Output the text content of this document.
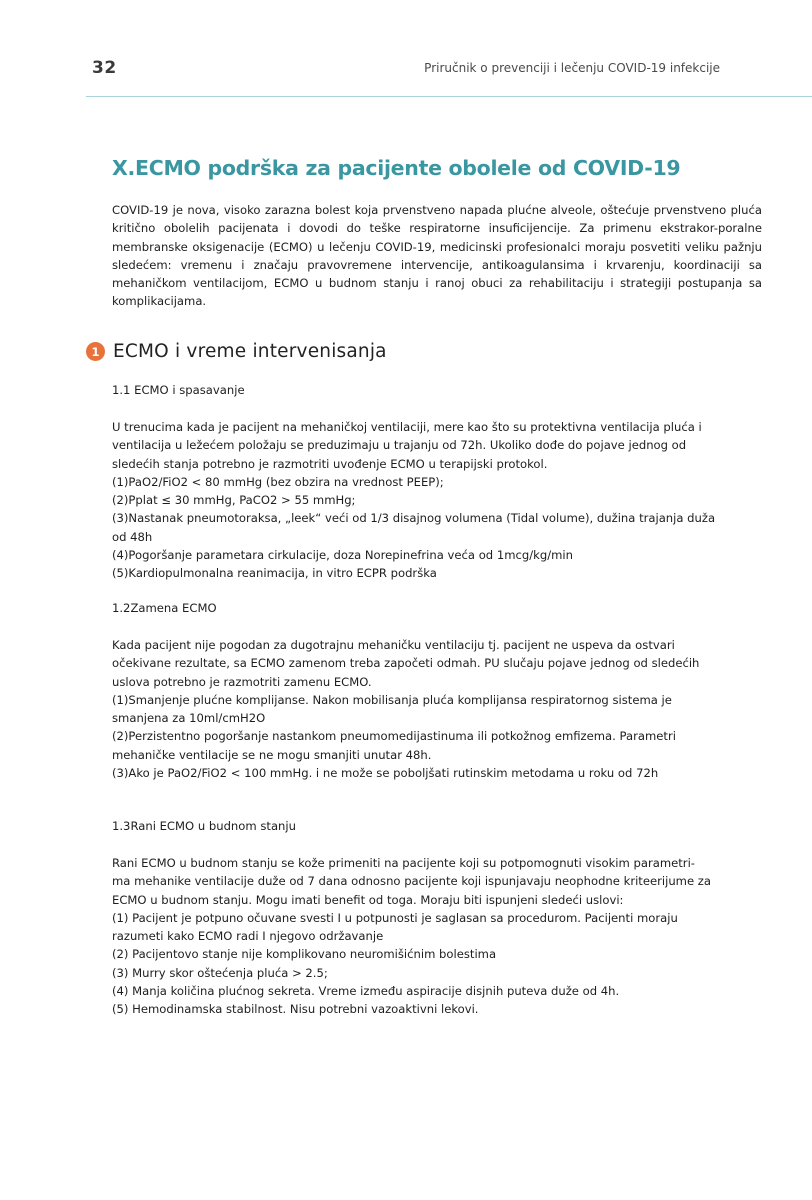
32	Priručnik o prevenciji i lečenju COVID-19 infekcije
X.ECMO podrška za pacijente obolele od COVID-19

COVID-19 je nova, visoko zarazna bolest koja prvenstveno napada plućne alveole, oštećuje prvenstveno pluća kritično obolelih pacijenata i dovodi do teške respiratorne insuficijencije. Za primenu ekstrakor-poralne membranske oksigenacije (ECMO) u lečenju COVID-19, medicinski profesionalci moraju posvetiti veliku pažnju sledećem: vremenu i značaju pravovremene intervencije, antikoagulansima i krvarenju, koordinaciji sa mehaničkom ventilacijom, ECMO u budnom stanju i ranoj obuci za rehabilitaciju i strategiji postupanja sa komplikacijama.

1 ECMO i vreme intervenisanja
1.1 ECMO i spasavanje
U trenucima kada je pacijent na mehaničkoj ventilaciji, mere kao što su protektivna ventilacija pluća i
ventilacija u ležećem položaju se preduzimaju u trajanju od 72h. Ukoliko dođe do pojave jednog od
sledećih stanja potrebno je razmotriti uvođenje ECMO u terapijski protokol.
(1)PaO2/FiO2 < 80 mmHg (bez obzira na vrednost PEEP);
(2)Pplat ≤ 30 mmHg, PaCO2 > 55 mmHg;
(3)Nastanak pneumotoraksa, „leek“ veći od 1/3 disajnog volumena (Tidal volume), dužina trajanja duža
od 48h
(4)Pogoršanje parametara cirkulacije, doza Norepinefrina veća od 1mcg/kg/min
(5)Kardiopulmonalna reanimacija, in vitro ECPR podrška
1.2Zamena ECMO
Kada pacijent nije pogodan za dugotrajnu mehaničku ventilaciju tj. pacijent ne uspeva da ostvari
očekivane rezultate, sa ECMO zamenom treba započeti odmah. PU slučaju pojave jednog od sledećih
uslova potrebno je razmotriti zamenu ECMO.
(1)Smanjenje plućne komplijanse. Nakon mobilisanja pluća komplijansa respiratornog sistema je
smanjena za 10ml/cmH2O
(2)Perzistentno pogoršanje nastankom pneumomedijastinuma ili potkožnog emfizema. Parametri
mehaničke ventilacije se ne mogu smanjiti unutar 48h.
(3)Ako je PaO2/FiO2 < 100 mmHg. i ne može se poboljšati rutinskim metodama u roku od 72h
1.3Rani ECMO u budnom stanju
Rani ECMO u budnom stanju se kože primeniti na pacijente koji su potpomognuti visokim parametri-
ma mehanike ventilacije duže od 7 dana odnosno pacijente koji ispunjavaju neophodne kriteerijume za
ECMO u budnom stanju. Mogu imati benefit od toga. Moraju biti ispunjeni sledeći uslovi:
(1) Pacijent je potpuno očuvane svesti I u potpunosti je saglasan sa procedurom. Pacijenti moraju
razumeti kako ECMO radi I njegovo održavanje
(2) Pacijentovo stanje nije komplikovano neuromišićnim bolestima
(3) Murry skor oštećenja pluća > 2.5;
(4) Manja količina plućnog sekreta. Vreme između aspiracije disjnih puteva duže od 4h.
(5) Hemodinamska stabilnost. Nisu potrebni vazoaktivni lekovi.
